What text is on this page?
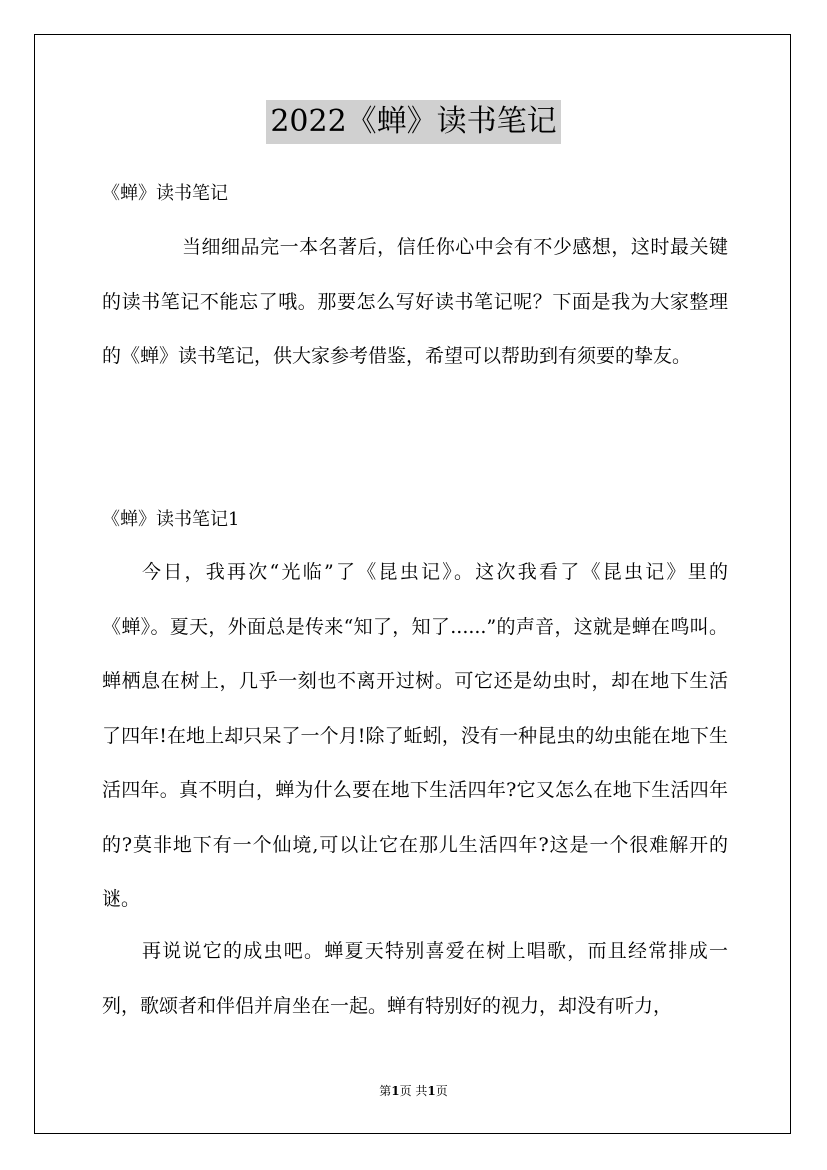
2022《蝉》读书笔记
《蝉》读书笔记

当细细品完一本名著后，信任你心中会有不少感想，这时最关键的读书笔记不能忘了哦。那要怎么写好读书笔记呢？下面是我为大家整理的《蝉》读书笔记，供大家参考借鉴，希望可以帮助到有须要的挚友。

《蝉》读书笔记1

今日，我再次“光临”了《昆虫记》。这次我看了《昆虫记》里的《蝉》。夏天，外面总是传来“知了，知了......”的声音，这就是蝉在鸣叫。蝉栖息在树上，几乎一刻也不离开过树。可它还是幼虫时，却在地下生活了四年!在地上却只呆了一个月!除了蚯蚓，没有一种昆虫的幼虫能在地下生活四年。真不明白，蝉为什么要在地下生活四年?它又怎么在地下生活四年的?莫非地下有一个仙境,可以让它在那儿生活四年?这是一个很难解开的谜。

再说说它的成虫吧。蝉夏天特别喜爱在树上唱歌，而且经常排成一列，歌颂者和伴侣并肩坐在一起。蝉有特别好的视力，却没有听力，

第1页 共1页
